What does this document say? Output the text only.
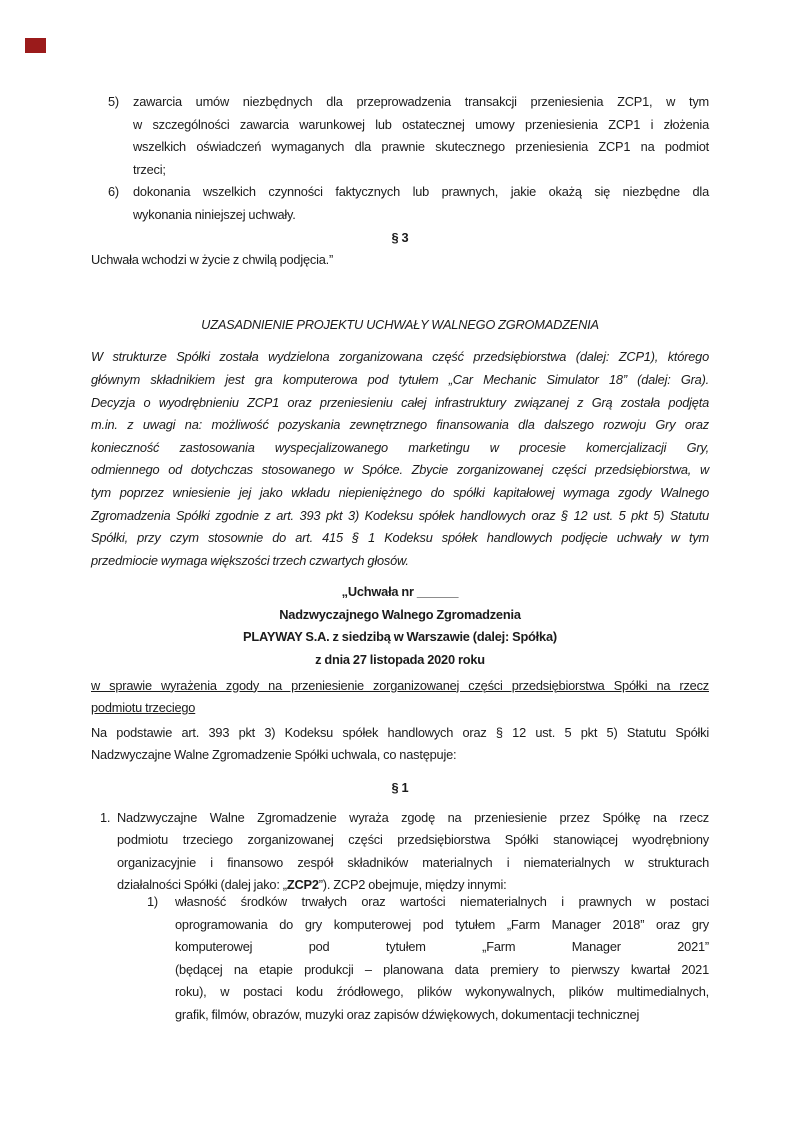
5) zawarcia umów niezbędnych dla przeprowadzenia transakcji przeniesienia ZCP1, w tym
w szczególności zawarcia warunkowej lub ostatecznej umowy przeniesienia ZCP1 i złożenia
wszelkich oświadczeń wymaganych dla prawnie skutecznego przeniesienia ZCP1 na podmiot
trzeci;
6) dokonania wszelkich czynności faktycznych lub prawnych, jakie okażą się niezbędne dla
wykonania niniejszej uchwały.
§ 3
Uchwała wchodzi w życie z chwilą podjęcia.”
UZASADNIENIE PROJEKTU UCHWAŁY WALNEGO ZGROMADZENIA
W strukturze Spółki została wydzielona zorganizowana część przedsiębiorstwa (dalej: ZCP1), którego
głównym składnikiem jest gra komputerowa pod tytułem „Car Mechanic Simulator 18” (dalej: Gra).
Decyzja o wyodrębnieniu ZCP1 oraz przeniesieniu całej infrastruktury związanej z Grą została podjęta
m.in. z uwagi na: możliwość pozyskania zewnętrznego finansowania dla dalszego rozwoju Gry oraz
konieczność zastosowania wyspecjalizowanego marketingu w procesie komercjalizacji Gry,
odmiennego od dotychczas stosowanego w Spółce. Zbycie zorganizowanej części przedsiębiorstwa, w
tym poprzez wniesienie jej jako wkładu niepieniężnego do spółki kapitałowej wymaga zgody Walnego
Zgromadzenia Spółki zgodnie z art. 393 pkt 3) Kodeksu spółek handlowych oraz § 12 ust. 5 pkt 5) Statutu
Spółki, przy czym stosownie do art. 415 § 1 Kodeksu spółek handlowych podjęcie uchwały w tym
przedmiocie wymaga większości trzech czwartych głosów.
„Uchwała nr ______
Nadzwyczajnego Walnego Zgromadzenia
PLAYWAY S.A. z siedzibą w Warszawie (dalej: Spółka)
z dnia 27 listopada 2020 roku
w sprawie wyrażenia zgody na przeniesienie zorganizowanej części przedsiębiorstwa Spółki na rzecz
podmiotu trzeciego
Na podstawie art. 393 pkt 3) Kodeksu spółek handlowych oraz § 12 ust. 5 pkt 5) Statutu Spółki
Nadzwyczajne Walne Zgromadzenie Spółki uchwala, co następuje:
§ 1
1. Nadzwyczajne Walne Zgromadzenie wyraża zgodę na przeniesienie przez Spółkę na rzecz
podmiotu trzeciego zorganizowanej części przedsiębiorstwa Spółki stanowiącej wyodrębniony
organizacyjnie i finansowo zespół składników materialnych i niematerialnych w strukturach
działalności Spółki (dalej jako: „ZCP2”). ZCP2 obejmuje, między innymi:
1) własność środków trwałych oraz wartości niematerialnych i prawnych w postaci
oprogramowania do gry komputerowej pod tytułem „Farm Manager 2018” oraz gry
komputerowej pod tytułem „Farm Manager 2021”
(będącej na etapie produkcji – planowana data premiery to pierwszy kwartał 2021
roku), w postaci kodu źródłowego, plików wykonywalnych, plików multimedialnych,
grafik, filmów, obrazów, muzyki oraz zapisów dźwiękowych, dokumentacji technicznej
